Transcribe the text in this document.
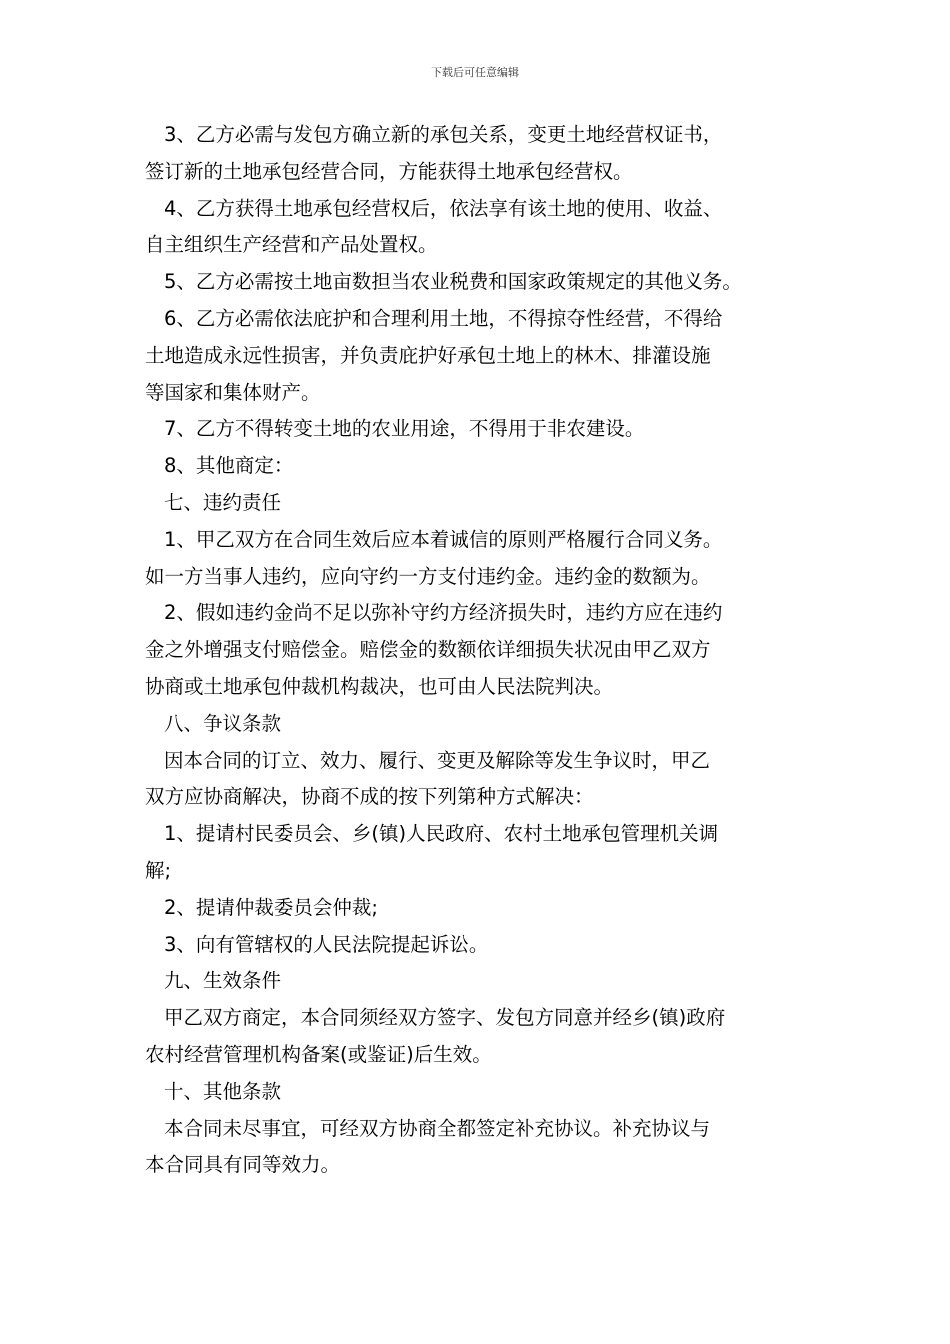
下载后可任意编辑

3、乙方必需与发包方确立新的承包关系，变更土地经营权证书，

签订新的土地承包经营合同，方能获得土地承包经营权。

4、乙方获得土地承包经营权后，依法享有该土地的使用、收益、

自主组织生产经营和产品处置权。

5、乙方必需按土地亩数担当农业税费和国家政策规定的其他义务。

6、乙方必需依法庇护和合理利用土地，不得掠夺性经营，不得给

土地造成永远性损害，并负责庇护好承包土地上的林木、排灌设施

等国家和集体财产。

7、乙方不得转变土地的农业用途，不得用于非农建设。

8、其他商定：

七、违约责任

1、甲乙双方在合同生效后应本着诚信的原则严格履行合同义务。

如一方当事人违约，应向守约一方支付违约金。违约金的数额为。

2、假如违约金尚不足以弥补守约方经济损失时，违约方应在违约

金之外增强支付赔偿金。赔偿金的数额依详细损失状况由甲乙双方

协商或土地承包仲裁机构裁决，也可由人民法院判决。

八、争议条款

因本合同的订立、效力、履行、变更及解除等发生争议时，甲乙

双方应协商解决，协商不成的按下列第种方式解决：

1、提请村民委员会、乡(镇)人民政府、农村土地承包管理机关调

解;

2、提请仲裁委员会仲裁;

3、向有管辖权的人民法院提起诉讼。

九、生效条件

甲乙双方商定，本合同须经双方签字、发包方同意并经乡(镇)政府

农村经营管理机构备案(或鉴证)后生效。

十、其他条款

本合同未尽事宜，可经双方协商全都签定补充协议。补充协议与

本合同具有同等效力。
